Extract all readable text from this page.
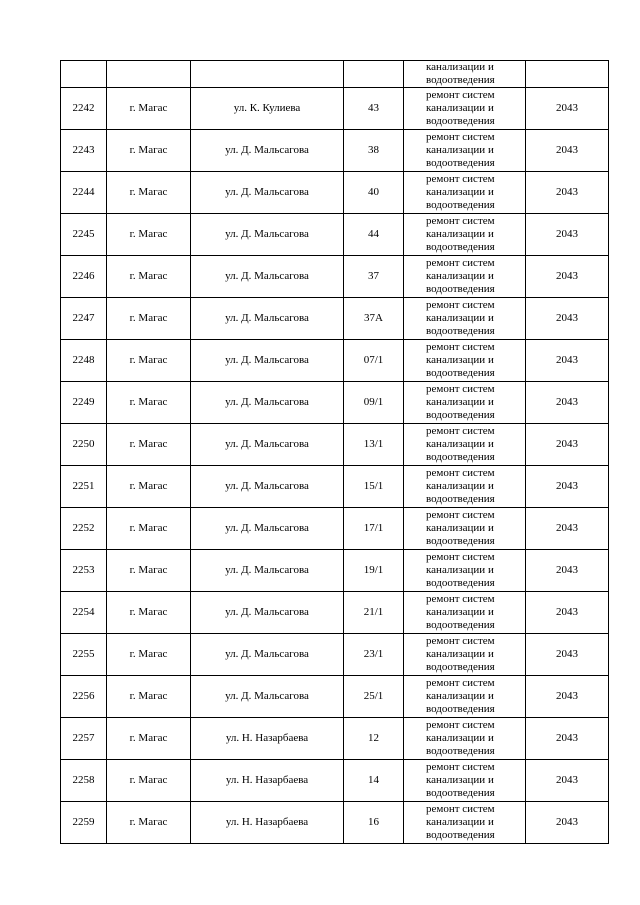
				канализации и
водоотведения	

2242	г. Магас	ул. К. Кулиева	43	ремонт систем
канализации и
водоотведения	2043
2243	г. Магас	ул. Д. Мальсагова	38	ремонт систем
канализации и
водоотведения	2043
2244	г. Магас	ул. Д. Мальсагова	40	ремонт систем
канализации и
водоотведения	2043
2245	г. Магас	ул. Д. Мальсагова	44	ремонт систем
канализации и
водоотведения	2043
2246	г. Магас	ул. Д. Мальсагова	37	ремонт систем
канализации и
водоотведения	2043
2247	г. Магас	ул. Д. Мальсагова	37А	ремонт систем
канализации и
водоотведения	2043
2248	г. Магас	ул. Д. Мальсагова	07/1	ремонт систем
канализации и
водоотведения	2043
2249	г. Магас	ул. Д. Мальсагова	09/1	ремонт систем
канализации и
водоотведения	2043
2250	г. Магас	ул. Д. Мальсагова	13/1	ремонт систем
канализации и
водоотведения	2043
2251	г. Магас	ул. Д. Мальсагова	15/1	ремонт систем
канализации и
водоотведения	2043
2252	г. Магас	ул. Д. Мальсагова	17/1	ремонт систем
канализации и
водоотведения	2043
2253	г. Магас	ул. Д. Мальсагова	19/1	ремонт систем
канализации и
водоотведения	2043
2254	г. Магас	ул. Д. Мальсагова	21/1	ремонт систем
канализации и
водоотведения	2043
2255	г. Магас	ул. Д. Мальсагова	23/1	ремонт систем
канализации и
водоотведения	2043
2256	г. Магас	ул. Д. Мальсагова	25/1	ремонт систем
канализации и
водоотведения	2043
2257	г. Магас	ул. Н. Назарбаева	12	ремонт систем
канализации и
водоотведения	2043
2258	г. Магас	ул. Н. Назарбаева	14	ремонт систем
канализации и
водоотведения	2043
2259	г. Магас	ул. Н. Назарбаева	16	ремонт систем
канализации и
водоотведения	2043
